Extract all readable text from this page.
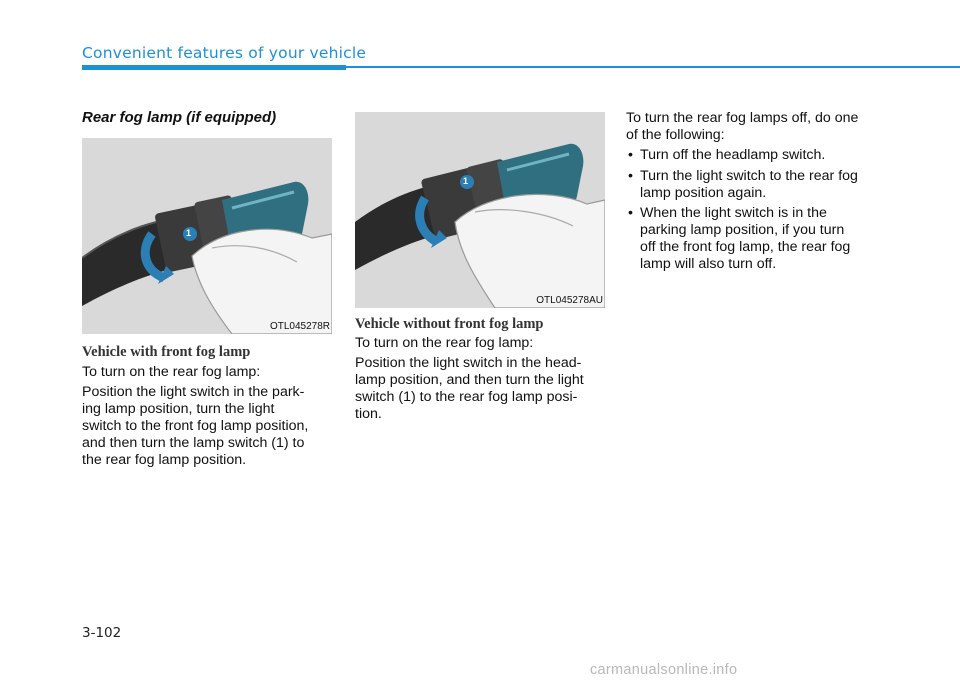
Convenient features of your vehicle
Rear fog lamp (if equipped)
1
OTL045278R
1
OTL045278AU
Vehicle with front fog lamp
To turn on the rear fog lamp:
Position the light switch in the park-
ing lamp position, turn the light
switch to the front fog lamp position,
and then turn the lamp switch (1) to
the rear fog lamp position.
Vehicle without front fog lamp
To turn on the rear fog lamp:
Position the light switch in the head-
lamp position, and then turn the light
switch (1) to the rear fog lamp posi-
tion.
To turn the rear fog lamps off, do one
of the following:
• Turn off the headlamp switch.
• Turn the light switch to the rear fog
lamp position again.
• When the light switch is in the
parking lamp position, if you turn
off the front fog lamp, the rear fog
lamp will also turn off.
3-102
carmanualsonline.info
